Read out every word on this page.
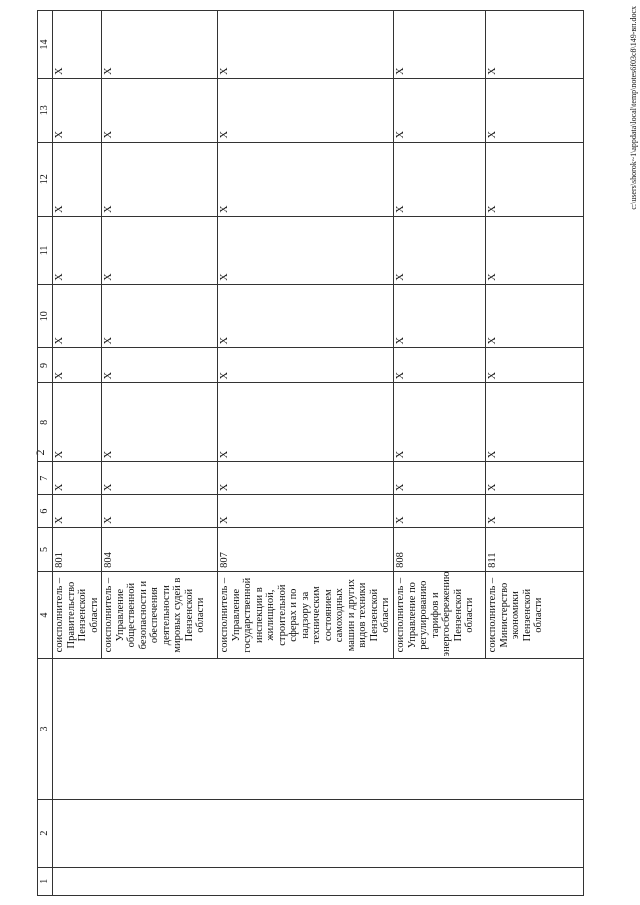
2
1	2	3	4	5	6	7	8	9	10	11	12	13	14
			соисполнитель – Правительство Пензенской области	801	X	X	X	X	X	X	X	X	X
			соисполнитель – Управление общественной безопасности и обеспечения деятельности мировых судей в Пензенской области	804	X	X	X	X	X	X	X	X	X
			соисполнитель – Управление государственной инспекции в жилищной, строительной сферах и по надзору за техническим состоянием самоходных машин и других видов техники Пензенской области	807	X	X	X	X	X	X	X	X	X
			соисполнитель – Управление по регулированию тарифов и энергосбережению Пензенской области	808	X	X	X	X	X	X	X	X	X
			соисполнитель – Министерство экономики Пензенской области	811	X	X	X	X	X	X	X	X	X	c:\users\shorok~1\appdata\local\temp\notes6f03c8\149-вп.docx
